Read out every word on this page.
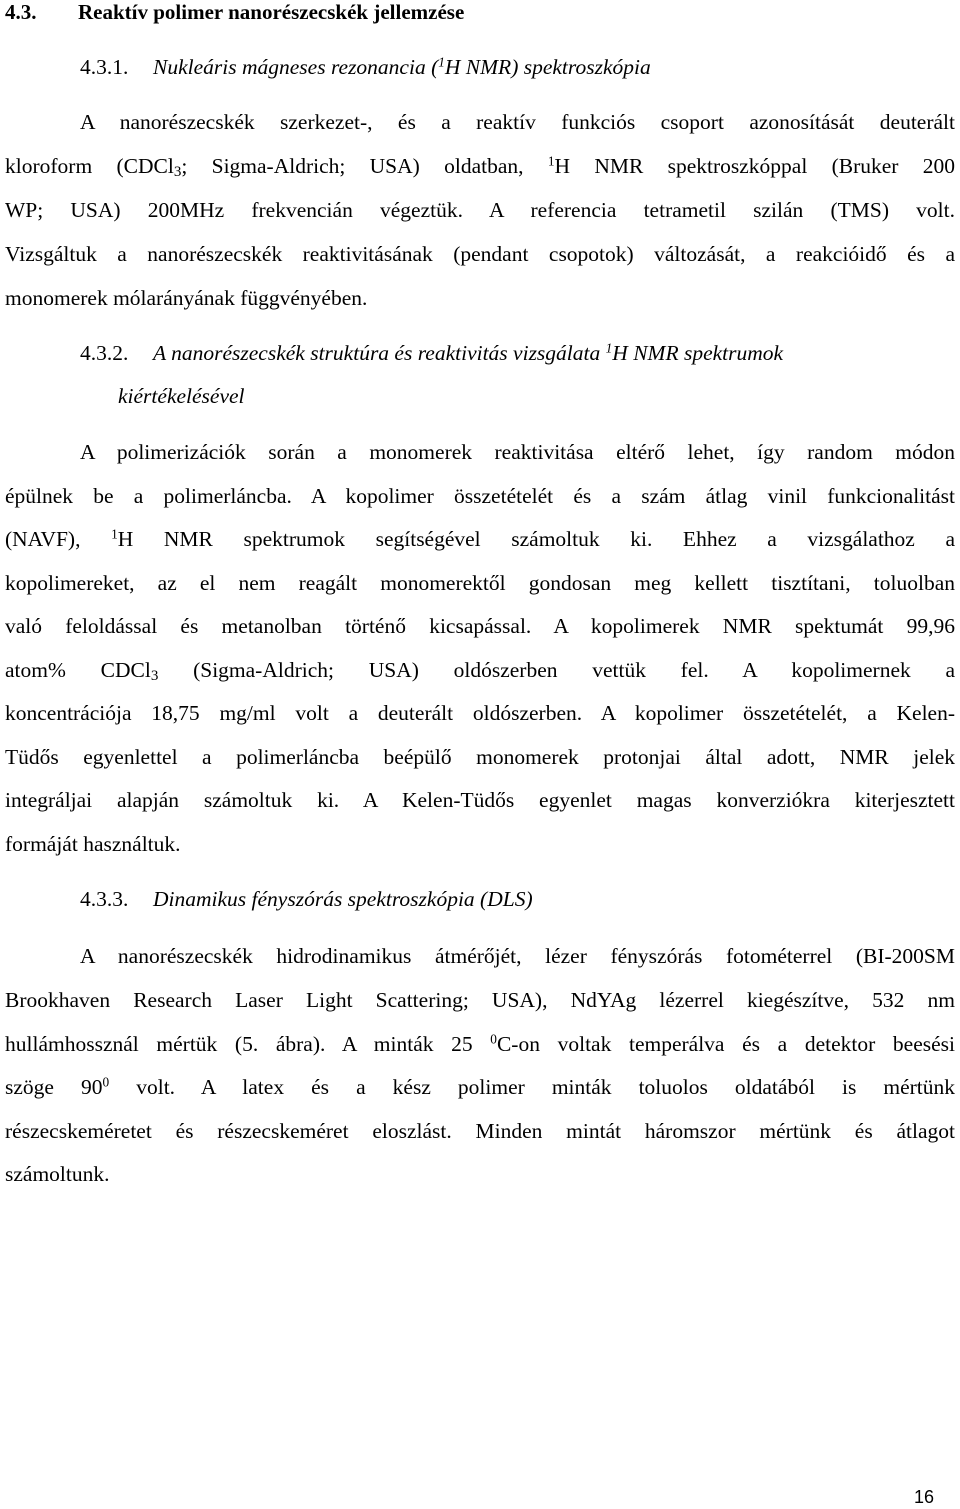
4.3. Reaktív polimer nanorészecskék jellemzése
4.3.1. Nukleáris mágneses rezonancia ($^1$H NMR) spektroszkópia
A nanorészecskék szerkezet-, és a reaktív funkciós csoport azonosítását deuterált
kloroform (CDCl$_3$; Sigma-Aldrich; USA) oldatban, $^1$H NMR spektroszkóppal (Bruker 200
WP; USA) 200MHz frekvencián végeztük. A referencia tetrametil szilán (TMS) volt.
Vizsgáltuk a nanorészecskék reaktivitásának (pendant csopotok) változását, a reakcióidő és a
monomerek mólarányának függvényében.
4.3.2. A nanorészecskék struktúra és reaktivitás vizsgálata $^1$H NMR spektrumok
kiértékelésével
A polimerizációk során a monomerek reaktivitása eltérő lehet, így random módon
épülnek be a polimerláncba. A kopolimer összetételét és a szám átlag vinil funkcionalitást
(NAVF), $^1$H NMR spektrumok segítségével számoltuk ki. Ehhez a vizsgálathoz a
kopolimereket, az el nem reagált monomerektől gondosan meg kellett tisztítani, toluolban
való feloldással és metanolban történő kicsapással. A kopolimerek NMR spektumát 99,96
atom% CDCl$_3$ (Sigma-Aldrich; USA) oldószerben vettük fel. A kopolimernek a
koncentrációja 18,75 mg/ml volt a deuterált oldószerben. A kopolimer összetételét, a Kelen-
Tüdős egyenlettel a polimerláncba beépülő monomerek protonjai által adott, NMR jelek
integráljai alapján számoltuk ki. A Kelen-Tüdős egyenlet magas konverziókra kiterjesztett
formáját használtuk.
4.3.3. Dinamikus fényszórás spektroszkópia (DLS)
A nanorészecskék hidrodinamikus átmérőjét, lézer fényszórás fotométerrel (BI-200SM
Brookhaven Research Laser Light Scattering; USA), NdYAg lézerrel kiegészítve, 532 nm
hullámhossznál mértük (5. ábra). A minták 25 $^0$C-on voltak temperálva és a detektor beesési
szöge $90^0$ volt. A latex és a kész polimer minták toluolos oldatából is mértünk
részecskeméretet és részecskeméret eloszlást. Minden mintát háromszor mértünk és átlagot
számoltunk.
16
